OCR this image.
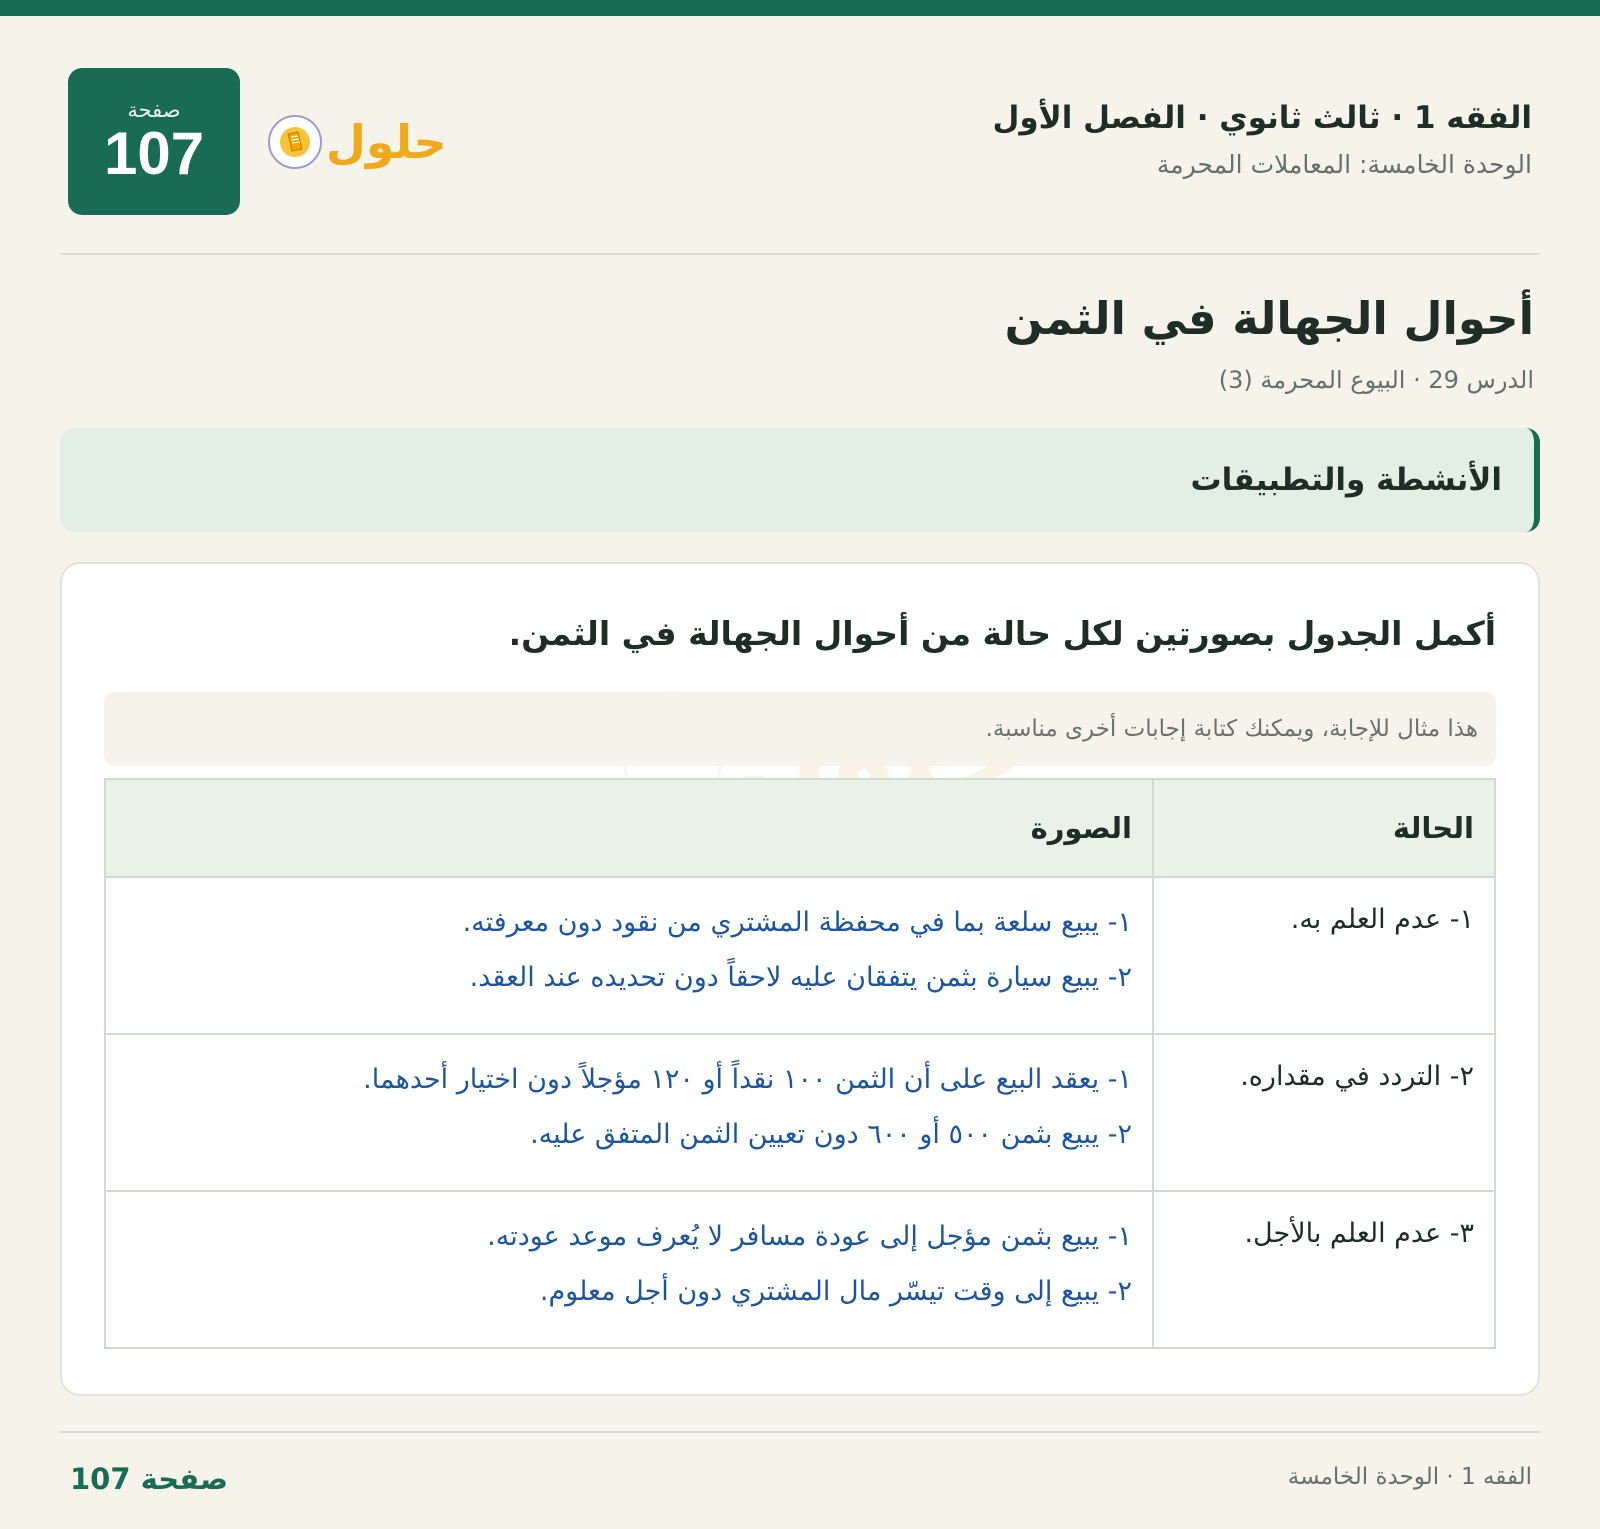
الفقه 1 · ثالث ثانوي · الفصل الأول
الوحدة الخامسة: المعاملات المحرمة
صفحة
107	حلول
أحوال الجهالة في الثمن
الدرس 29 · البيوع المحرمة (3)
الأنشطة والتطبيقات
أكمل الجدول بصورتين لكل حالة من أحوال الجهالة في الثمن.
هذا مثال للإجابة، ويمكنك كتابة إجابات أخرى مناسبة.
الحالة	الصورة
١- عدم العلم به.	١- يبيع سلعة بما في محفظة المشتري من نقود دون معرفته.
٢- يبيع سيارة بثمن يتفقان عليه لاحقاً دون تحديده عند العقد.

٢- التردد في مقداره.	١- يعقد البيع على أن الثمن ١٠٠ نقداً أو ١٢٠ مؤجلاً دون اختيار أحدهما.
٢- يبيع بثمن ٥٠٠ أو ٦٠٠ دون تعيين الثمن المتفق عليه.

٣- عدم العلم بالأجل.	١- يبيع بثمن مؤجل إلى عودة مسافر لا يُعرف موعد عودته.
٢- يبيع إلى وقت تيسّر مال المشتري دون أجل معلوم.
صفحة 107	الفقه 1 · الوحدة الخامسة
